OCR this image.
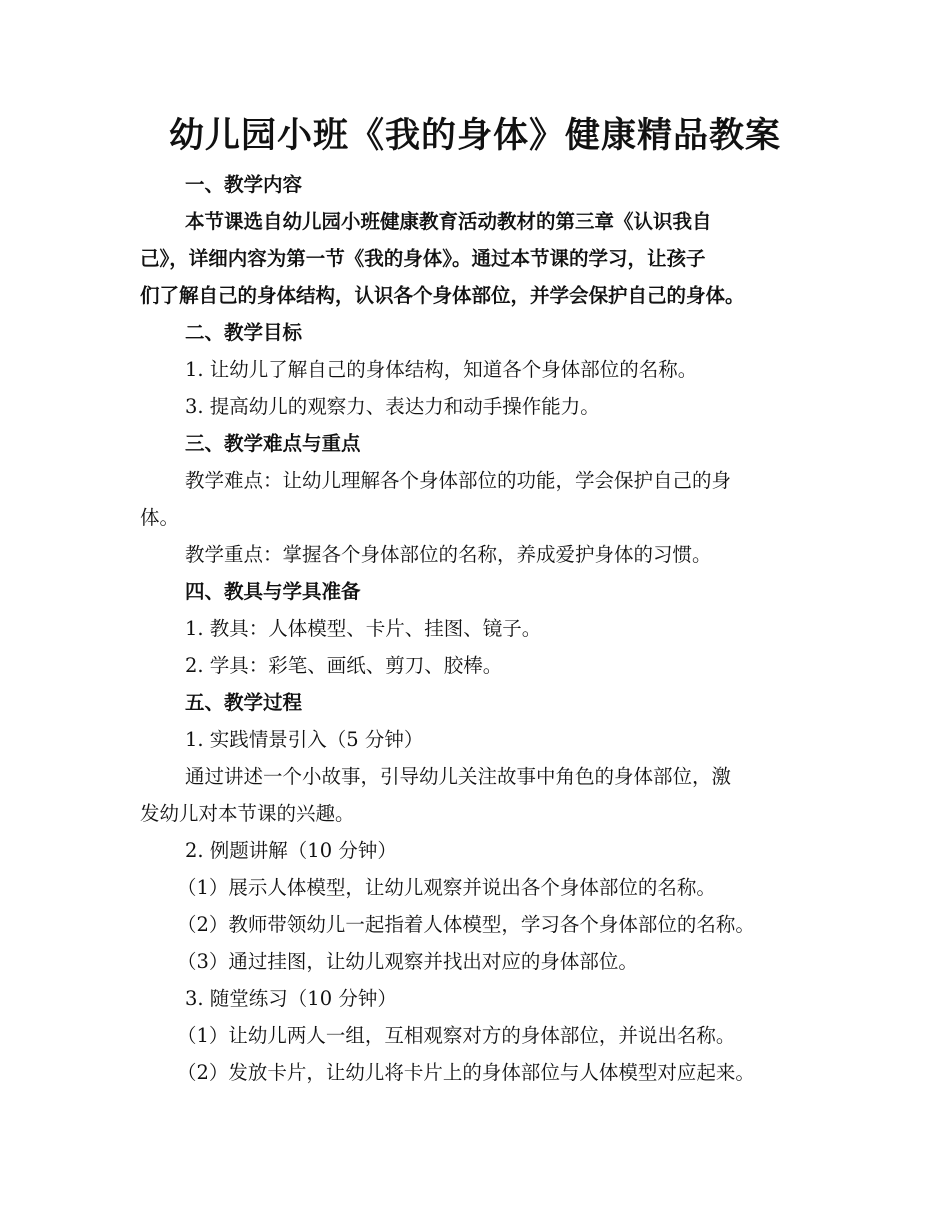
幼儿园小班《我的身体》健康精品教案
一、教学内容
本节课选自幼儿园小班健康教育活动教材的第三章《认识我自
己》，详细内容为第一节《我的身体》。通过本节课的学习，让孩子
们了解自己的身体结构，认识各个身体部位，并学会保护自己的身体。
二、教学目标
1. 让幼儿了解自己的身体结构，知道各个身体部位的名称。
3. 提高幼儿的观察力、表达力和动手操作能力。
三、教学难点与重点
教学难点：让幼儿理解各个身体部位的功能，学会保护自己的身
体。
教学重点：掌握各个身体部位的名称，养成爱护身体的习惯。
四、教具与学具准备
1. 教具：人体模型、卡片、挂图、镜子。
2. 学具：彩笔、画纸、剪刀、胶棒。
五、教学过程
1. 实践情景引入（5 分钟）
通过讲述一个小故事，引导幼儿关注故事中角色的身体部位，激
发幼儿对本节课的兴趣。
2. 例题讲解（10 分钟）
（1）展示人体模型，让幼儿观察并说出各个身体部位的名称。
（2）教师带领幼儿一起指着人体模型，学习各个身体部位的名称。
（3）通过挂图，让幼儿观察并找出对应的身体部位。
3. 随堂练习（10 分钟）
（1）让幼儿两人一组，互相观察对方的身体部位，并说出名称。
（2）发放卡片，让幼儿将卡片上的身体部位与人体模型对应起来。
